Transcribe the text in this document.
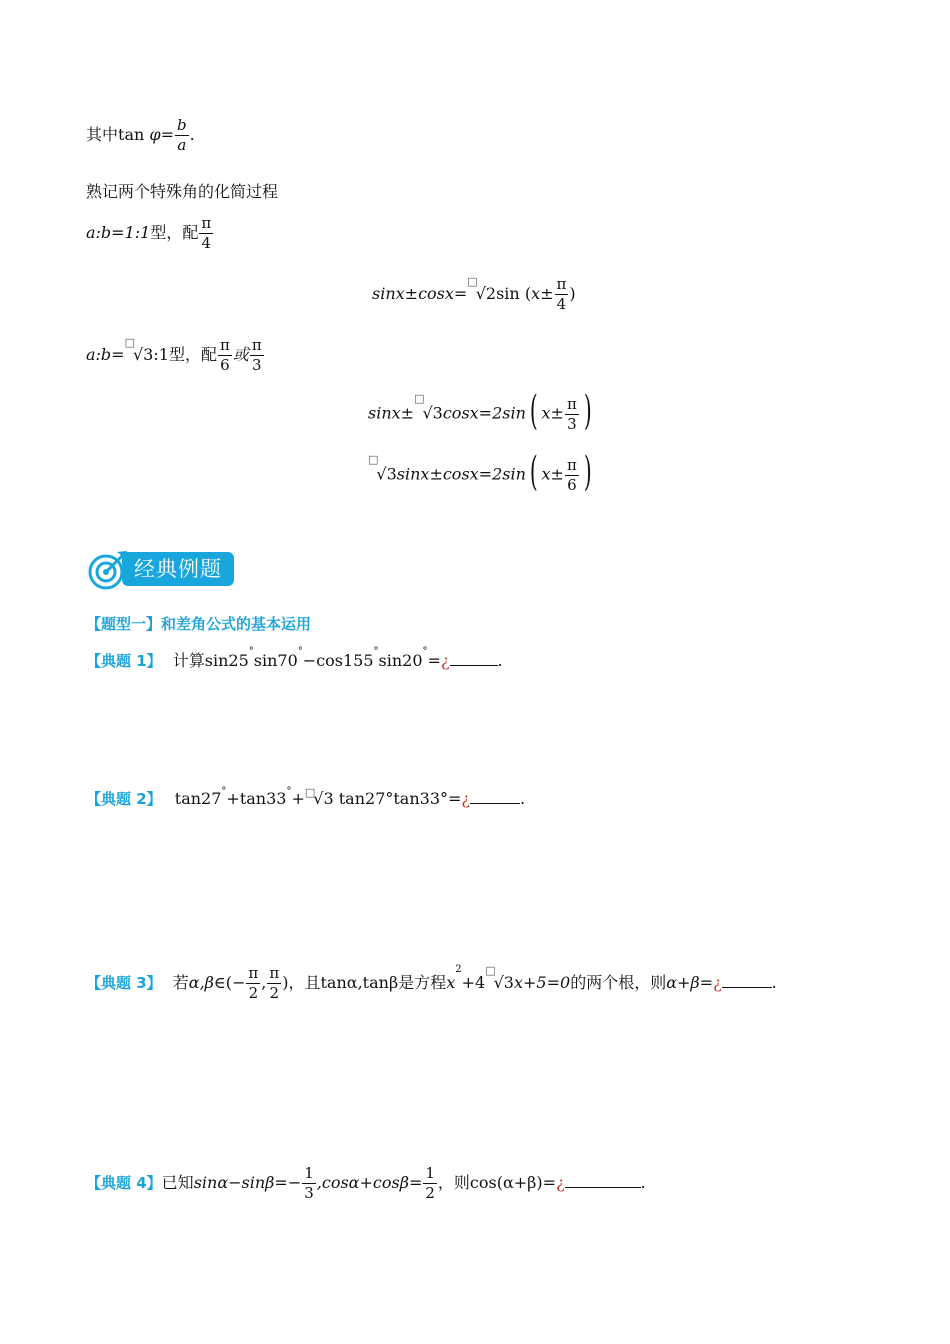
其中$\tan \varphi= \frac{b}{a}$ .
熟记两个特殊角的化简过程
a:b=1:1型，配 $\frac{\pi}{4}$
sinx±cosx=□√2sin ($x\pm \frac{\pi}{4}$ )
a:b=□√3:1型，配 $\frac{\pi}{6}$ 或 $\frac{\pi}{3}$
sinx±□√3cosx=2sin( $x\pm \frac{\pi}{3}$ )
□√3sinx±cosx=2sin( $x\pm \frac{\pi}{6}$ )
经典例题
【题型一】和差角公式的基本运用
【典题 1】 计算sin25°sin70°−cos155°sin20°=¿	.
【典题 2】 tan27°+tan33°+□√3 tan27°tan33°=¿	.
【典题 3】 若α,β∈(− $\frac{\pi}{2}$ , $\frac{\pi}{2}$ )，且tanα,tanβ是方程$x^2+4^□√3x+5=0$的两个根，则α+β=¿	.
【典题 4】已知$\sin\alpha-\sin\beta=- \frac{1}{3} ,\cos\alpha+\cos\beta= \frac{1}{2}$ ，则cos(α+β)=¿	.
